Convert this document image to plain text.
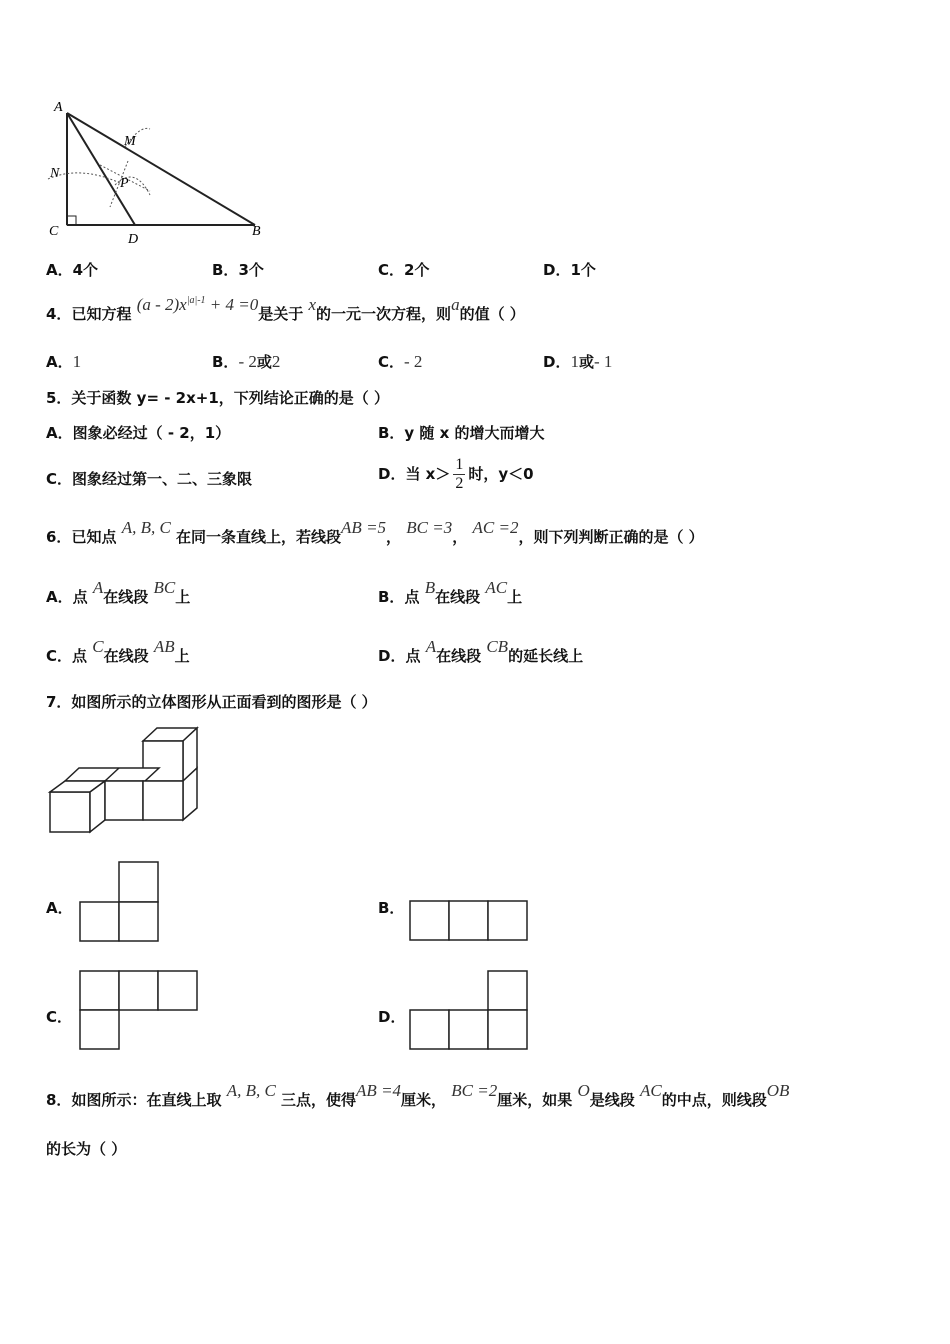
A
M
N
P
C
D
B
A．4个	B．3个	C．2个	D．1个
4．已知方程 $(a - 2)x^{|a|-1} + 4 =0$是关于 x的一元一次方程，则a的值（ ）
A．1	B．- 2或2	C．- 2	D．1或- 1
5．关于函数 y= - 2x+1，下列结论正确的是（ ）
A．图象必经过（ - 2，1）	B．y 随 x 的增大而增大
C．图象经过第一、二、三象限	D．当 $x> \frac{1}{2}$ 时，y＜0
6．已知点 A, B, C 在同一条直线上，若线段AB =5， BC =3， AC =2，则下列判断正确的是（ ）
A．点 A在线段 BC上	B．点 B在线段 AC上
C．点 C在线段 AB上	D．点 A在线段 CB的延长线上
7．如图所示的立体图形从正面看到的图形是（ ）
A．	B．
C．	D．
8．如图所示：在直线上取 A, B, C 三点，使得AB =4厘米， BC =2厘米，如果 O是线段 AC的中点，则线段OB
的长为（ ）
